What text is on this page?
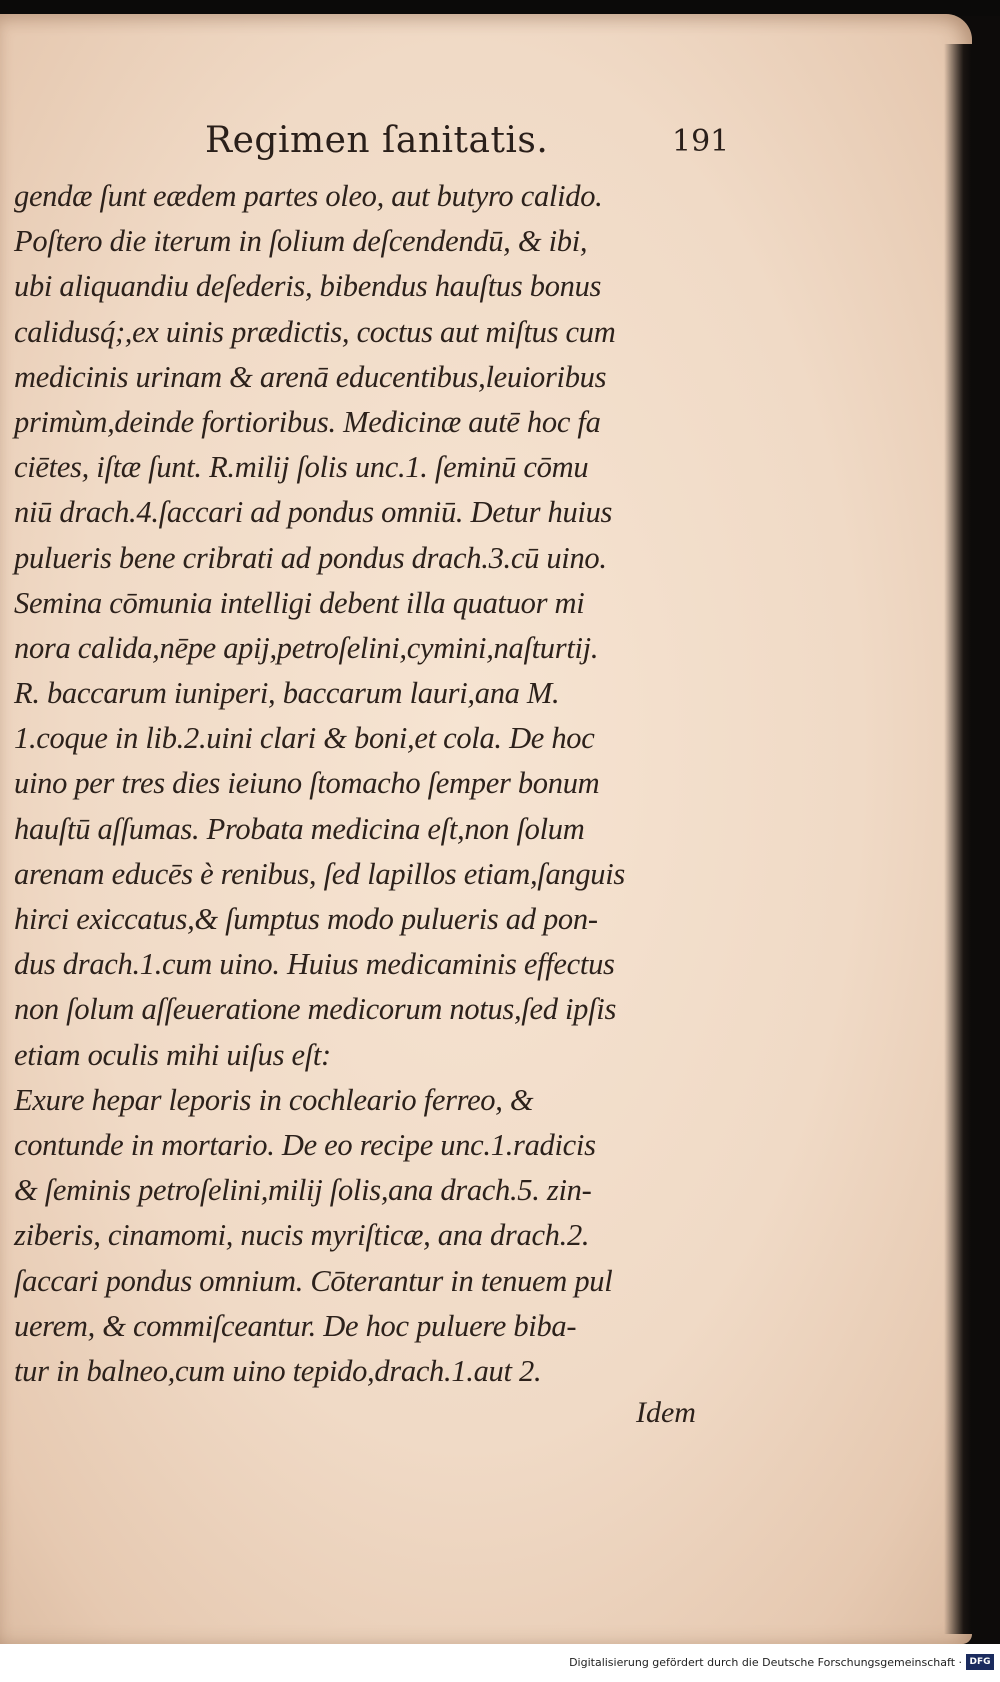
Regimen ſanitatis.	191
gendæ ſunt eædem partes oleo, aut butyro calido.
Poſtero die iterum in ſolium deſcendendū, & ibi,
ubi aliquandiu deſederis, bibendus hauſtus bonus
calidusq́;,ex uinis prædictis, coctus aut miſtus cum
medicinis urinam & arenā educentibus,leuioribus
primùm,deinde fortioribus. Medicinæ autē hoc fa
ciētes, iſtæ ſunt. R.milij ſolis unc.1. ſeminū cōmu
niū drach.4.ſaccari ad pondus omniū. Detur huius
pulueris bene cribrati ad pondus drach.3.cū uino.
Semina cōmunia intelligi debent illa quatuor mi
nora calida,nēpe apij,petroſelini,cymini,naſturtij.
R. baccarum iuniperi, baccarum lauri,ana M.
1.coque in lib.2.uini clari & boni,et cola. De hoc
uino per tres dies ieiuno ſtomacho ſemper bonum
hauſtū aſſumas. Probata medicina eſt,non ſolum
arenam educēs è renibus, ſed lapillos etiam,ſanguis
hirci exiccatus,& ſumptus modo pulueris ad pon-
dus drach.1.cum uino. Huius medicaminis effectus
non ſolum aſſeueratione medicorum notus,ſed ipſis
etiam oculis mihi uiſus eſt:
Exure hepar leporis in cochleario ferreo, &
contunde in mortario. De eo recipe unc.1.radicis
& ſeminis petroſelini,milij ſolis,ana drach.5. zin-
ziberis, cinamomi, nucis myriſticæ, ana drach.2.
ſaccari pondus omnium. Cōterantur in tenuem pul
uerem, & commiſceantur. De hoc puluere biba-
tur in balneo,cum uino tepido,drach.1.aut 2.
Idem
Digitalisierung gefördert durch die Deutsche Forschungsgemeinschaft · DFG
